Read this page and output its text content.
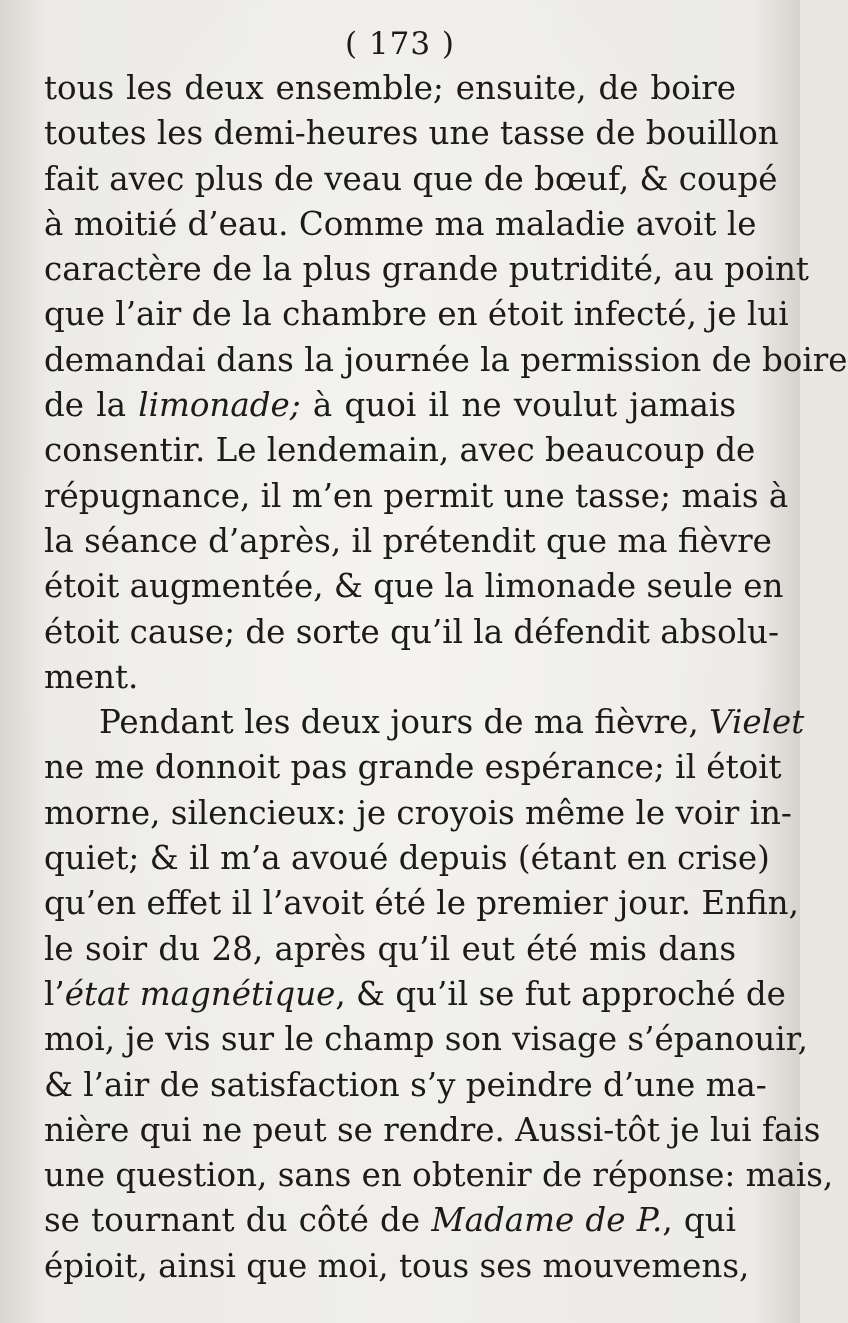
( 173 )
tous les deux ensemble; ensuite, de boire
toutes les demi-heures une tasse de bouillon
fait avec plus de veau que de bœuf, & coupé
à moitié d’eau. Comme ma maladie avoit le
caractère de la plus grande putridité, au point
que l’air de la chambre en étoit infecté, je lui
demandai dans la journée la permission de boire
de la limonade; à quoi il ne voulut jamais
consentir. Le lendemain, avec beaucoup de
répugnance, il m’en permit une tasse; mais à
la séance d’après, il prétendit que ma fièvre
étoit augmentée, & que la limonade seule en
étoit cause; de sorte qu’il la défendit absolu-
ment.
Pendant les deux jours de ma fièvre, Vielet
ne me donnoit pas grande espérance; il étoit
morne, silencieux: je croyois même le voir in-
quiet; & il m’a avoué depuis (étant en crise)
qu’en effet il l’avoit été le premier jour. Enfin,
le soir du 28, après qu’il eut été mis dans
l’état magnétique, & qu’il se fut approché de
moi, je vis sur le champ son visage s’épanouir,
& l’air de satisfaction s’y peindre d’une ma-
nière qui ne peut se rendre. Aussi-tôt je lui fais
une question, sans en obtenir de réponse: mais,
se tournant du côté de Madame de P., qui
épioit, ainsi que moi, tous ses mouvemens,
